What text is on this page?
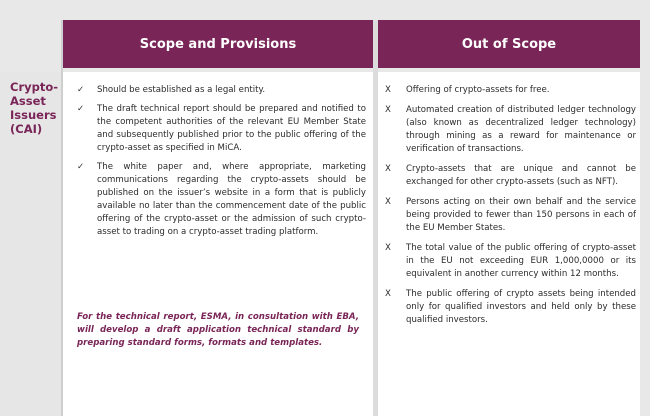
Scope and Provisions	Out of Scope
Crypto-Asset Issuers (CAI)
✓ Should be established as a legal entity.
✓ The draft technical report should be prepared and notified to the competent authorities of the relevant EU Member State and subsequently published prior to the public offering of the crypto-asset as specified in MiCA.
✓ The white paper and, where appropriate, marketing communications regarding the crypto-assets should be published on the issuer’s website in a form that is publicly available no later than the commencement date of the public offering of the crypto-asset or the admission of such crypto-asset to trading on a crypto-asset trading platform.

For the technical report, ESMA, in consultation with EBA, will develop a draft application technical standard by preparing standard forms, formats and templates.

X Offering of crypto-assets for free.
X Automated creation of distributed ledger technology (also known as decentralized ledger technology) through mining as a reward for maintenance or verification of transactions.
X Crypto-assets that are unique and cannot be exchanged for other crypto-assets (such as NFT).
X Persons acting on their own behalf and the service being provided to fewer than 150 persons in each of the EU Member States.
X The total value of the public offering of crypto-asset in the EU not exceeding EUR 1,000,0000 or its equivalent in another currency within 12 months.
X The public offering of crypto assets being intended only for qualified investors and held only by these qualified investors.
